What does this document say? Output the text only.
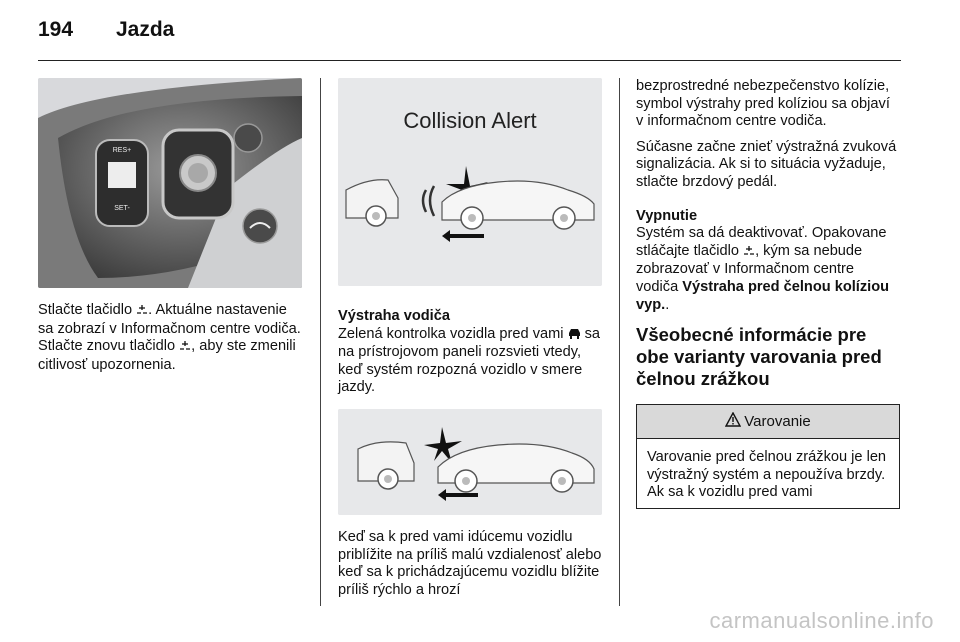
194	Jazda
RES+
SET-

Stlačte tlačidlo . Aktuálne nastavenie sa zobrazí v Informačnom centre vodiča. Stlačte znovu tlačidlo , aby ste zmenili citlivosť upozornenia.

Collision Alert

Výstraha vodiča

Zelená kontrolka vozidla pred vami  sa na prístrojovom paneli rozsvieti vtedy, keď systém rozpozná vozidlo v smere jazdy.

Keď sa k pred vami idúcemu vozidlu priblížite na príliš malú vzdialenosť alebo keď sa k prichádzajúcemu vozidlu blížite príliš rýchlo a hrozí

bezprostredné nebezpečenstvo kolízie, symbol výstrahy pred kolíziou sa objaví v informačnom centre vodiča.

Súčasne začne znieť výstražná zvuková signalizácia. Ak si to situácia vyžaduje, stlačte brzdový pedál.

Vypnutie

Systém sa dá deaktivovať. Opakovane stláčajte tlačidlo , kým sa nebude zobrazovať v Informačnom centre vodiča Výstraha pred čelnou kolíziou vyp..

Všeobecné informácie pre obe varianty varovania pred čelnou zrážkou

Varovanie
Varovanie pred čelnou zrážkou je len výstražný systém a nepoužíva brzdy. Ak sa k vozidlu pred vami
carmanualsonline.info
